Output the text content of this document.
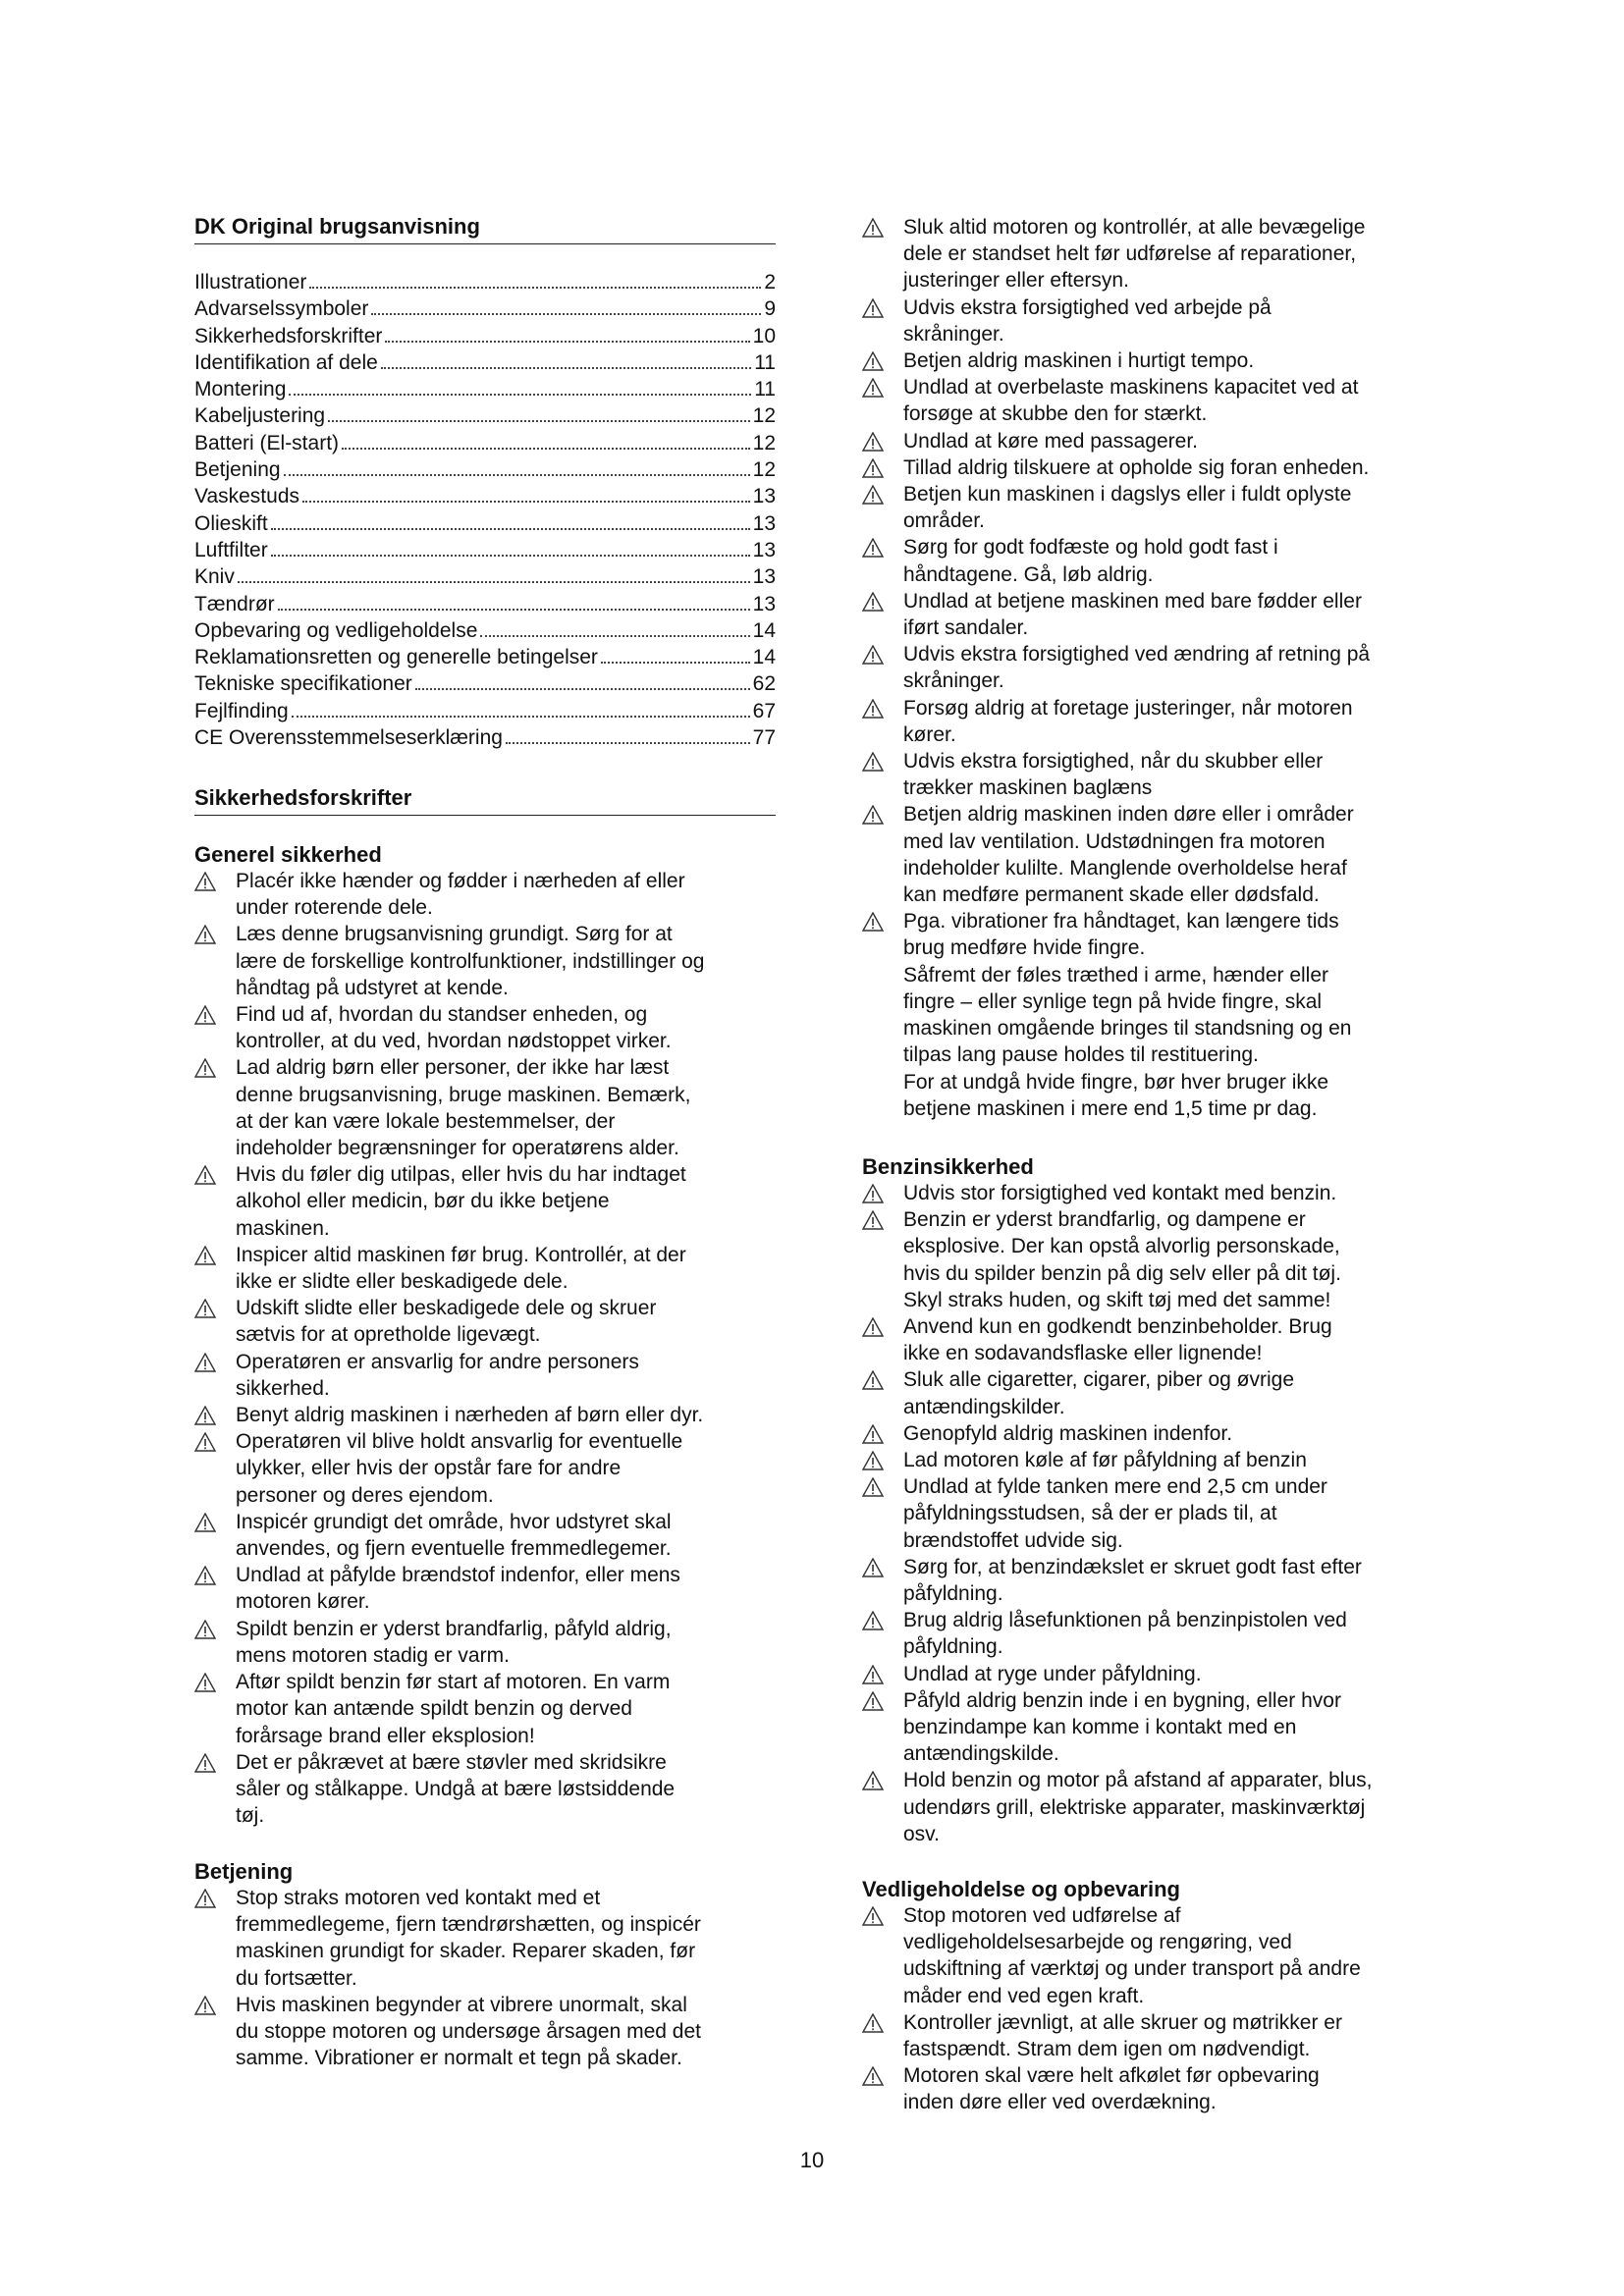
DK Original brugsanvisning
Illustrationer	2
Advarselssymboler	9
Sikkerhedsforskrifter	10
Identifikation af dele	11
Montering	11
Kabeljustering	12
Batteri (El-start)	12
Betjening	12
Vaskestuds	13
Olieskift	13
Luftfilter	13
Kniv	13
Tændrør	13
Opbevaring og vedligeholdelse	14
Reklamationsretten og generelle betingelser	14
Tekniske specifikationer	62
Fejlfinding	67
CE Overensstemmelseserklæring	77
Sikkerhedsforskrifter
Generel sikkerhed
Placér ikke hænder og fødder i nærheden af eller
under roterende dele.
Læs denne brugsanvisning grundigt. Sørg for at
lære de forskellige kontrolfunktioner, indstillinger og
håndtag på udstyret at kende.
Find ud af, hvordan du standser enheden, og
kontroller, at du ved, hvordan nødstoppet virker.
Lad aldrig børn eller personer, der ikke har læst
denne brugsanvisning, bruge maskinen. Bemærk,
at der kan være lokale bestemmelser, der
indeholder begrænsninger for operatørens alder.
Hvis du føler dig utilpas, eller hvis du har indtaget
alkohol eller medicin, bør du ikke betjene
maskinen.
Inspicer altid maskinen før brug. Kontrollér, at der
ikke er slidte eller beskadigede dele.
Udskift slidte eller beskadigede dele og skruer
sætvis for at opretholde ligevægt.
Operatøren er ansvarlig for andre personers
sikkerhed.
Benyt aldrig maskinen i nærheden af børn eller dyr.
Operatøren vil blive holdt ansvarlig for eventuelle
ulykker, eller hvis der opstår fare for andre
personer og deres ejendom.
Inspicér grundigt det område, hvor udstyret skal
anvendes, og fjern eventuelle fremmedlegemer.
Undlad at påfylde brændstof indenfor, eller mens
motoren kører.
Spildt benzin er yderst brandfarlig, påfyld aldrig,
mens motoren stadig er varm.
Aftør spildt benzin før start af motoren. En varm
motor kan antænde spildt benzin og derved
forårsage brand eller eksplosion!
Det er påkrævet at bære støvler med skridsikre
såler og stålkappe. Undgå at bære løstsiddende
tøj.
Betjening
Stop straks motoren ved kontakt med et
fremmedlegeme, fjern tændrørshætten, og inspicér
maskinen grundigt for skader. Reparer skaden, før
du fortsætter.
Hvis maskinen begynder at vibrere unormalt, skal
du stoppe motoren og undersøge årsagen med det
samme. Vibrationer er normalt et tegn på skader.
Sluk altid motoren og kontrollér, at alle bevægelige
dele er standset helt før udførelse af reparationer,
justeringer eller eftersyn.
Udvis ekstra forsigtighed ved arbejde på
skråninger.
Betjen aldrig maskinen i hurtigt tempo.
Undlad at overbelaste maskinens kapacitet ved at
forsøge at skubbe den for stærkt.
Undlad at køre med passagerer.
Tillad aldrig tilskuere at opholde sig foran enheden.
Betjen kun maskinen i dagslys eller i fuldt oplyste
områder.
Sørg for godt fodfæste og hold godt fast i
håndtagene. Gå, løb aldrig.
Undlad at betjene maskinen med bare fødder eller
iført sandaler.
Udvis ekstra forsigtighed ved ændring af retning på
skråninger.
Forsøg aldrig at foretage justeringer, når motoren
kører.
Udvis ekstra forsigtighed, når du skubber eller
trækker maskinen baglæns
Betjen aldrig maskinen inden døre eller i områder
med lav ventilation. Udstødningen fra motoren
indeholder kulilte. Manglende overholdelse heraf
kan medføre permanent skade eller dødsfald.
Pga. vibrationer fra håndtaget, kan længere tids
brug medføre hvide fingre.
Såfremt der føles træthed i arme, hænder eller
fingre – eller synlige tegn på hvide fingre, skal
maskinen omgående bringes til standsning og en
tilpas lang pause holdes til restituering.
For at undgå hvide fingre, bør hver bruger ikke
betjene maskinen i mere end 1,5 time pr dag.
Benzinsikkerhed
Udvis stor forsigtighed ved kontakt med benzin.
Benzin er yderst brandfarlig, og dampene er
eksplosive. Der kan opstå alvorlig personskade,
hvis du spilder benzin på dig selv eller på dit tøj.
Skyl straks huden, og skift tøj med det samme!
Anvend kun en godkendt benzinbeholder. Brug
ikke en sodavandsflaske eller lignende!
Sluk alle cigaretter, cigarer, piber og øvrige
antændingskilder.
Genopfyld aldrig maskinen indenfor.
Lad motoren køle af før påfyldning af benzin
Undlad at fylde tanken mere end 2,5 cm under
påfyldningsstudsen, så der er plads til, at
brændstoffet udvide sig.
Sørg for, at benzindækslet er skruet godt fast efter
påfyldning.
Brug aldrig låsefunktionen på benzinpistolen ved
påfyldning.
Undlad at ryge under påfyldning.
Påfyld aldrig benzin inde i en bygning, eller hvor
benzindampe kan komme i kontakt med en
antændingskilde.
Hold benzin og motor på afstand af apparater, blus,
udendørs grill, elektriske apparater, maskinværktøj
osv.
Vedligeholdelse og opbevaring
Stop motoren ved udførelse af
vedligeholdelsesarbejde og rengøring, ved
udskiftning af værktøj og under transport på andre
måder end ved egen kraft.
Kontroller jævnligt, at alle skruer og møtrikker er
fastspændt. Stram dem igen om nødvendigt.
Motoren skal være helt afkølet før opbevaring
inden døre eller ved overdækning.
10
